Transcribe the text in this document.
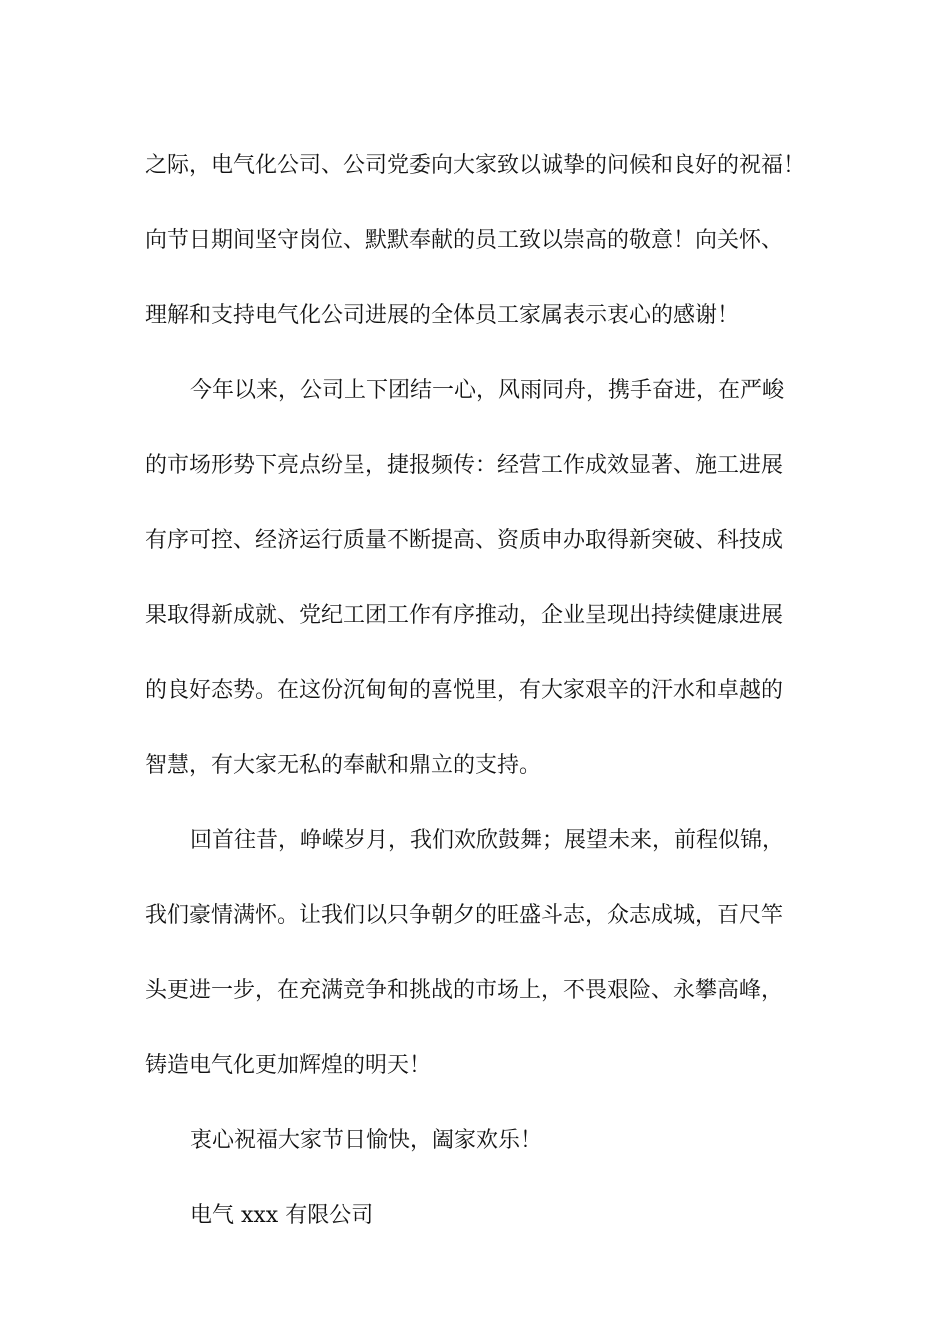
之际，电气化公司、公司党委向大家致以诚挚的问候和良好的祝福！
向节日期间坚守岗位、默默奉献的员工致以崇高的敬意！向关怀、
理解和支持电气化公司进展的全体员工家属表示衷心的感谢！

今年以来，公司上下团结一心，风雨同舟，携手奋进，在严峻
的市场形势下亮点纷呈，捷报频传：经营工作成效显著、施工进展
有序可控、经济运行质量不断提高、资质申办取得新突破、科技成
果取得新成就、党纪工团工作有序推动，企业呈现出持续健康进展
的良好态势。在这份沉甸甸的喜悦里，有大家艰辛的汗水和卓越的
智慧，有大家无私的奉献和鼎立的支持。

回首往昔，峥嵘岁月，我们欢欣鼓舞；展望未来，前程似锦，
我们豪情满怀。让我们以只争朝夕的旺盛斗志，众志成城，百尺竿
头更进一步，在充满竞争和挑战的市场上，不畏艰险、永攀高峰，
铸造电气化更加辉煌的明天！

衷心祝福大家节日愉快，阖家欢乐！

电气 xxx 有限公司
